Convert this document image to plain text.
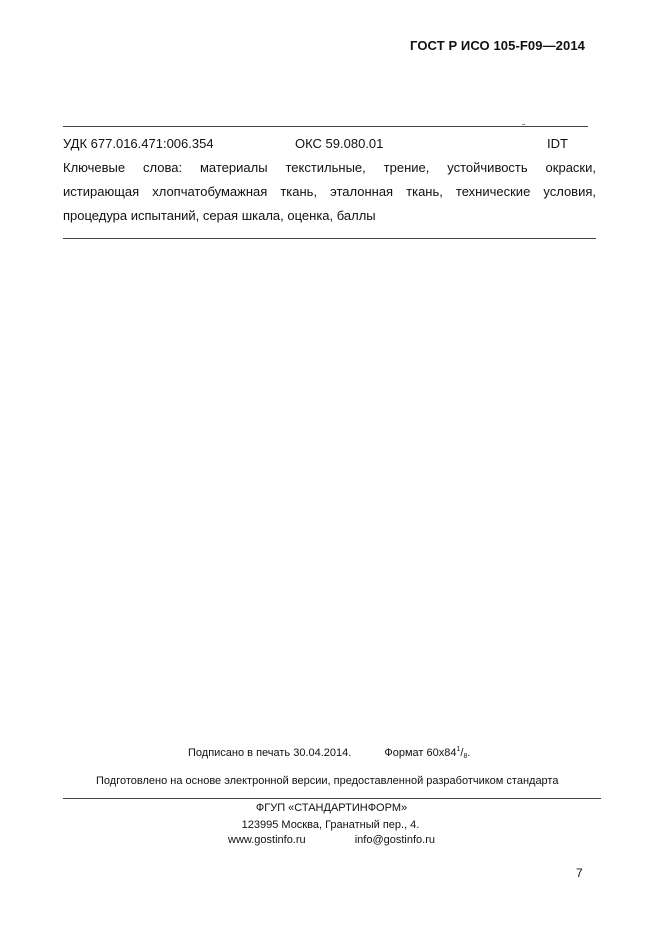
ГОСТ Р ИСО 105-F09—2014
УДК 677.016.471:006.354	ОКС 59.080.01	IDT
Ключевые слова: материалы текстильные, трение, устойчивость окраски,
истирающая хлопчатобумажная ткань, эталонная ткань, технические условия,
процедура испытаний, серая шкала, оценка, баллы
Подписано в печать 30.04.2014.	Формат $60x84^1/_8$.
Подготовлено на основе электронной версии, предоставленной разработчиком стандарта
ФГУП «СТАНДАРТИНФОРМ»
123995 Москва, Гранатный пер., 4.
www.gostinfo.ru	info@gostinfo.ru
7
